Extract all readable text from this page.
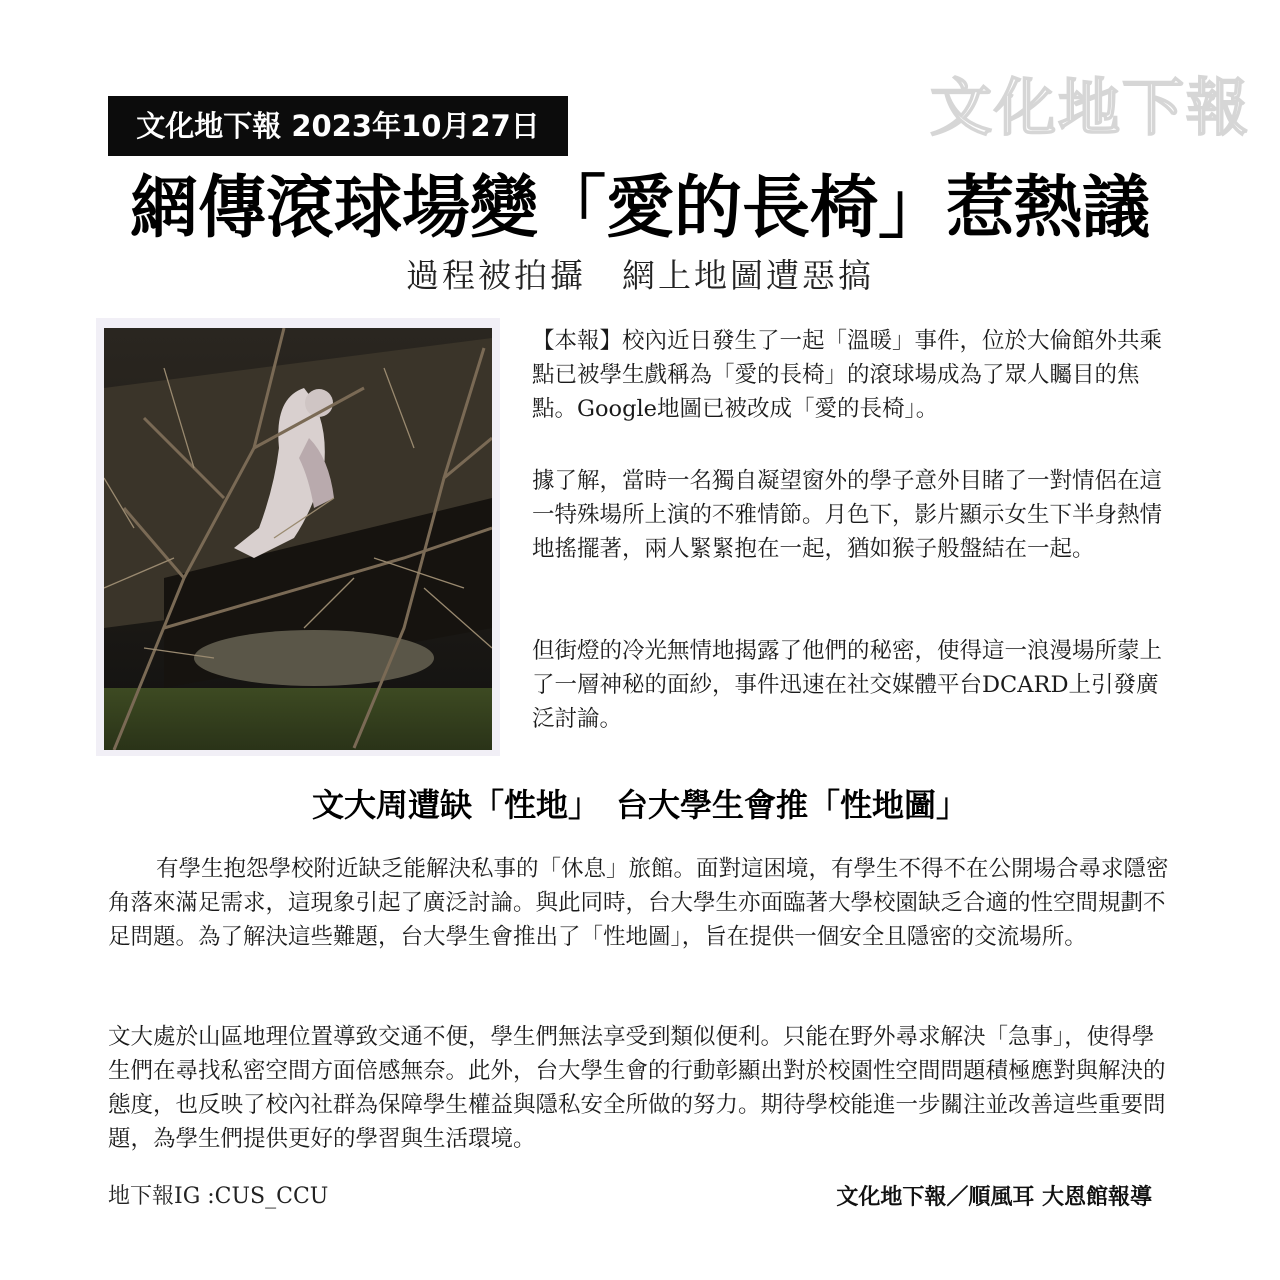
文化地下報
文化地下報 2023年10月27日
網傳滾球場變「愛的長椅」惹熱議
過程被拍攝　網上地圖遭惡搞

【本報】校內近日發生了一起「溫暖」事件，位於大倫館外共乘點已被學生戲稱為「愛的長椅」的滾球場成為了眾人矚目的焦點。Google地圖已被改成「愛的長椅」。

據了解，當時一名獨自凝望窗外的學子意外目睹了一對情侶在這一特殊場所上演的不雅情節。月色下，影片顯示女生下半身熱情地搖擺著，兩人緊緊抱在一起，猶如猴子般盤結在一起。

但街燈的冷光無情地揭露了他們的秘密，使得這一浪漫場所蒙上了一層神秘的面紗，事件迅速在社交媒體平台DCARD上引發廣泛討論。

文大周遭缺「性地」　台大學生會推「性地圖」

有學生抱怨學校附近缺乏能解決私事的「休息」旅館。面對這困境，有學生不得不在公開場合尋求隱密角落來滿足需求，這現象引起了廣泛討論。與此同時，台大學生亦面臨著大學校園缺乏合適的性空間規劃不足問題。為了解決這些難題，台大學生會推出了「性地圖」，旨在提供一個安全且隱密的交流場所。

文大處於山區地理位置導致交通不便，學生們無法享受到類似便利。只能在野外尋求解決「急事」，使得學生們在尋找私密空間方面倍感無奈。此外，台大學生會的行動彰顯出對於校園性空間問題積極應對與解決的態度，也反映了校內社群為保障學生權益與隱私安全所做的努力。期待學校能進一步關注並改善這些重要問題，為學生們提供更好的學習與生活環境。

地下報IG :CUS_CCU	文化地下報／順風耳 大恩館報導
